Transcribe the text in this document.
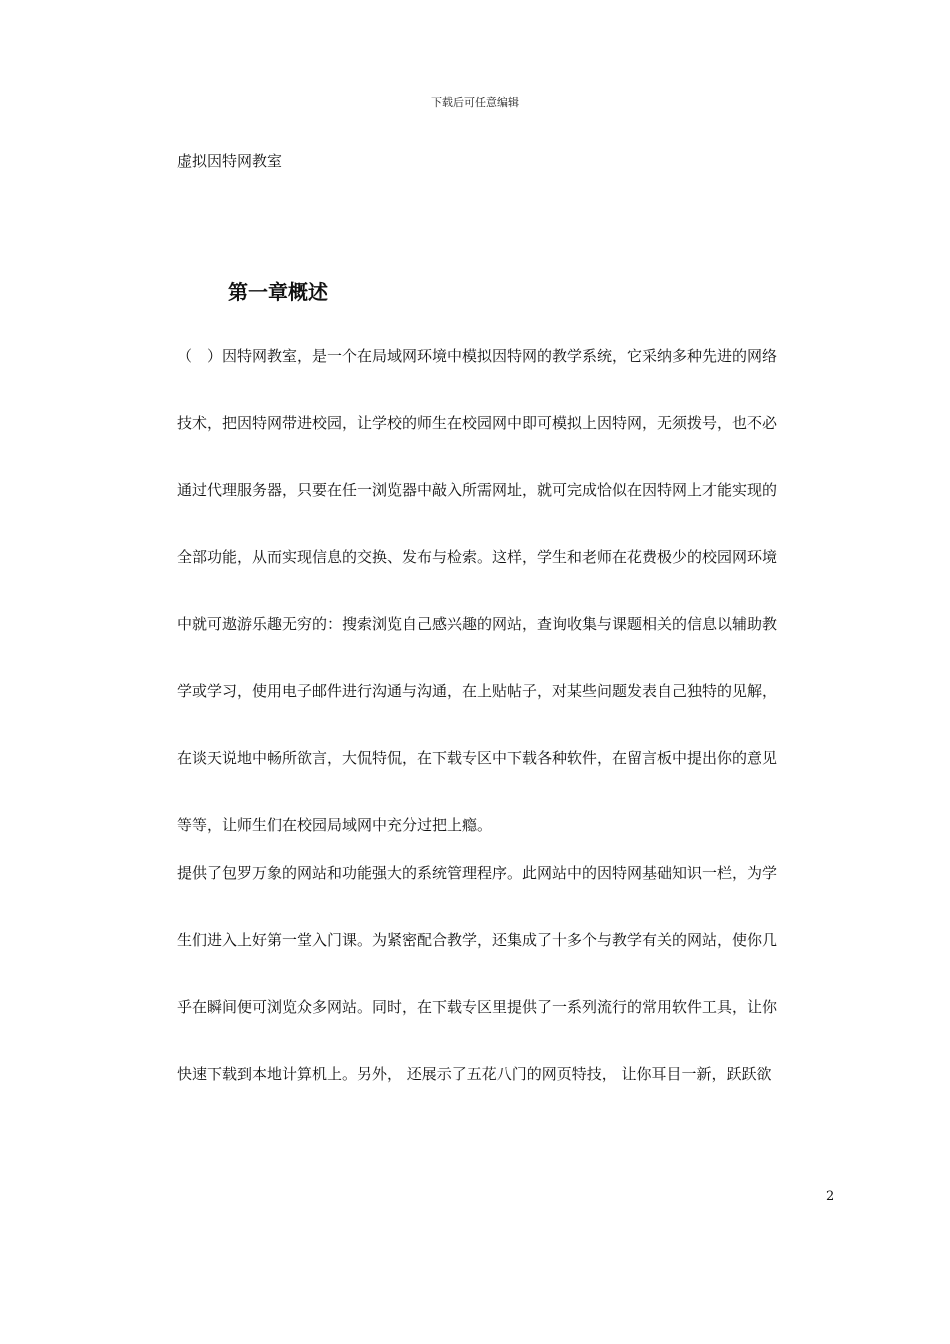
下载后可任意编辑
虚拟因特网教室
第一章概述
（　）因特网教室，是一个在局域网环境中模拟因特网的教学系统，它采纳多种先进的网络
技术，把因特网带进校园，让学校的师生在校园网中即可模拟上因特网，无须拨号，也不必
通过代理服务器，只要在任一浏览器中敲入所需网址，就可完成恰似在因特网上才能实现的
全部功能，从而实现信息的交换、发布与检索。这样，学生和老师在花费极少的校园网环境
中就可遨游乐趣无穷的：搜索浏览自己感兴趣的网站，查询收集与课题相关的信息以辅助教
学或学习，使用电子邮件进行沟通与沟通，在上贴帖子，对某些问题发表自己独特的见解，
在谈天说地中畅所欲言，大侃特侃，在下载专区中下载各种软件，在留言板中提出你的意见
等等，让师生们在校园局域网中充分过把上瘾。
提供了包罗万象的网站和功能强大的系统管理程序。此网站中的因特网基础知识一栏，为学
生们进入上好第一堂入门课。为紧密配合教学，还集成了十多个与教学有关的网站，使你几
乎在瞬间便可浏览众多网站。同时，在下载专区里提供了一系列流行的常用软件工具，让你
快速下载到本地计算机上。另外， 还展示了五花八门的网页特技， 让你耳目一新，跃跃欲
2
